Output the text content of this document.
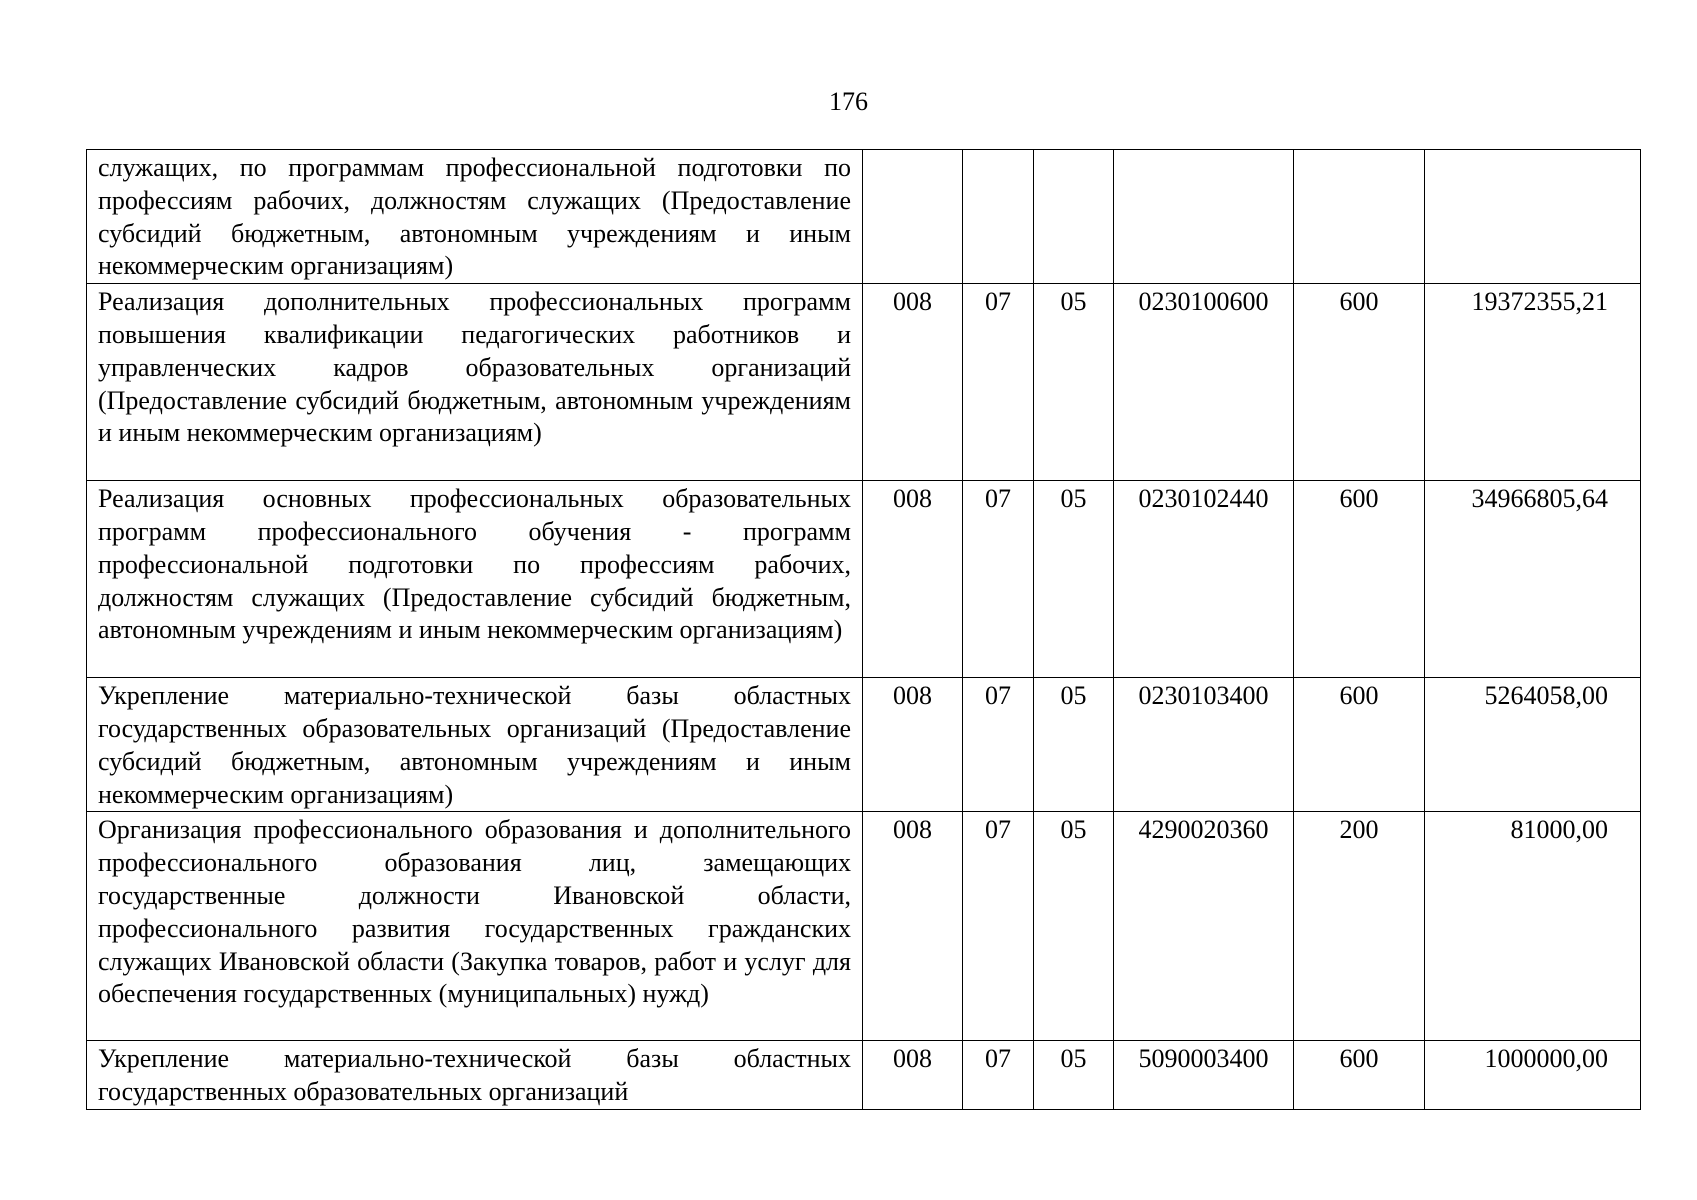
176
служащих, по программам профессиональной подготовки по профессиям рабочих, должностям служащих (Предоставление субсидий бюджетным, автономным учреждениям и иным некоммерческим организациям)						
Реализация дополнительных профессиональных программ повышения квалификации педагогических работников и управленческих кадров образовательных организаций (Предоставление субсидий бюджетным, автономным учреждениям и иным некоммерческим организациям)	008	07	05	0230100600	600	19372355,21
Реализация основных профессиональных образовательных программ профессионального обучения - программ профессиональной подготовки по профессиям рабочих, должностям служащих (Предоставление субсидий бюджетным, автономным учреждениям и иным некоммерческим организациям)	008	07	05	0230102440	600	34966805,64
Укрепление материально-технической базы областных государственных образовательных организаций (Предоставление субсидий бюджетным, автономным учреждениям и иным некоммерческим организациям)	008	07	05	0230103400	600	5264058,00
Организация профессионального образования и дополнительного профессионального образования лиц, замещающих государственные должности Ивановской области, профессионального развития государственных гражданских служащих Ивановской области (Закупка товаров, работ и услуг для обеспечения государственных (муниципальных) нужд)	008	07	05	4290020360	200	81000,00
Укрепление материально-технической базы областных государственных образовательных организаций	008	07	05	5090003400	600	1000000,00
